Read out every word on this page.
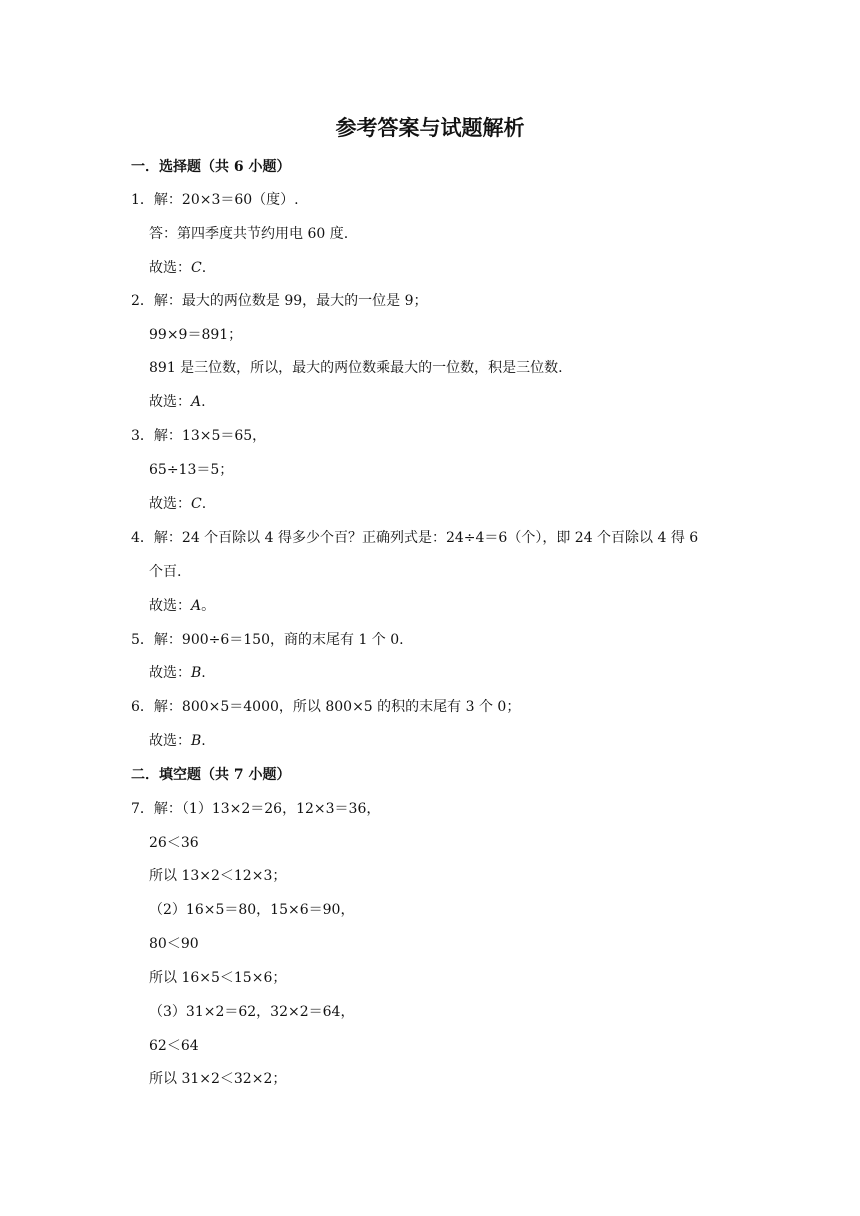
参考答案与试题解析
一．选择题（共 6 小题）
1．解：20×3＝60（度）.
答：第四季度共节约用电 60 度.
故选：C.
2．解：最大的两位数是 99，最大的一位是 9；
99×9＝891；
891 是三位数，所以，最大的两位数乘最大的一位数，积是三位数.
故选：A.
3．解：13×5＝65，
65÷13＝5；
故选：C.
4．解：24 个百除以 4 得多少个百？正确列式是：24÷4＝6（个），即 24 个百除以 4 得 6
个百.
故选：A。
5．解：900÷6＝150，商的末尾有 1 个 0.
故选：B.
6．解：800×5＝4000，所以 800×5 的积的末尾有 3 个 0；
故选：B.
二．填空题（共 7 小题）
7．解：（1）13×2＝26，12×3＝36，
26＜36
所以 13×2＜12×3；
（2）16×5＝80，15×6＝90，
80＜90
所以 16×5＜15×6；
（3）31×2＝62，32×2＝64，
62＜64
所以 31×2＜32×2；
